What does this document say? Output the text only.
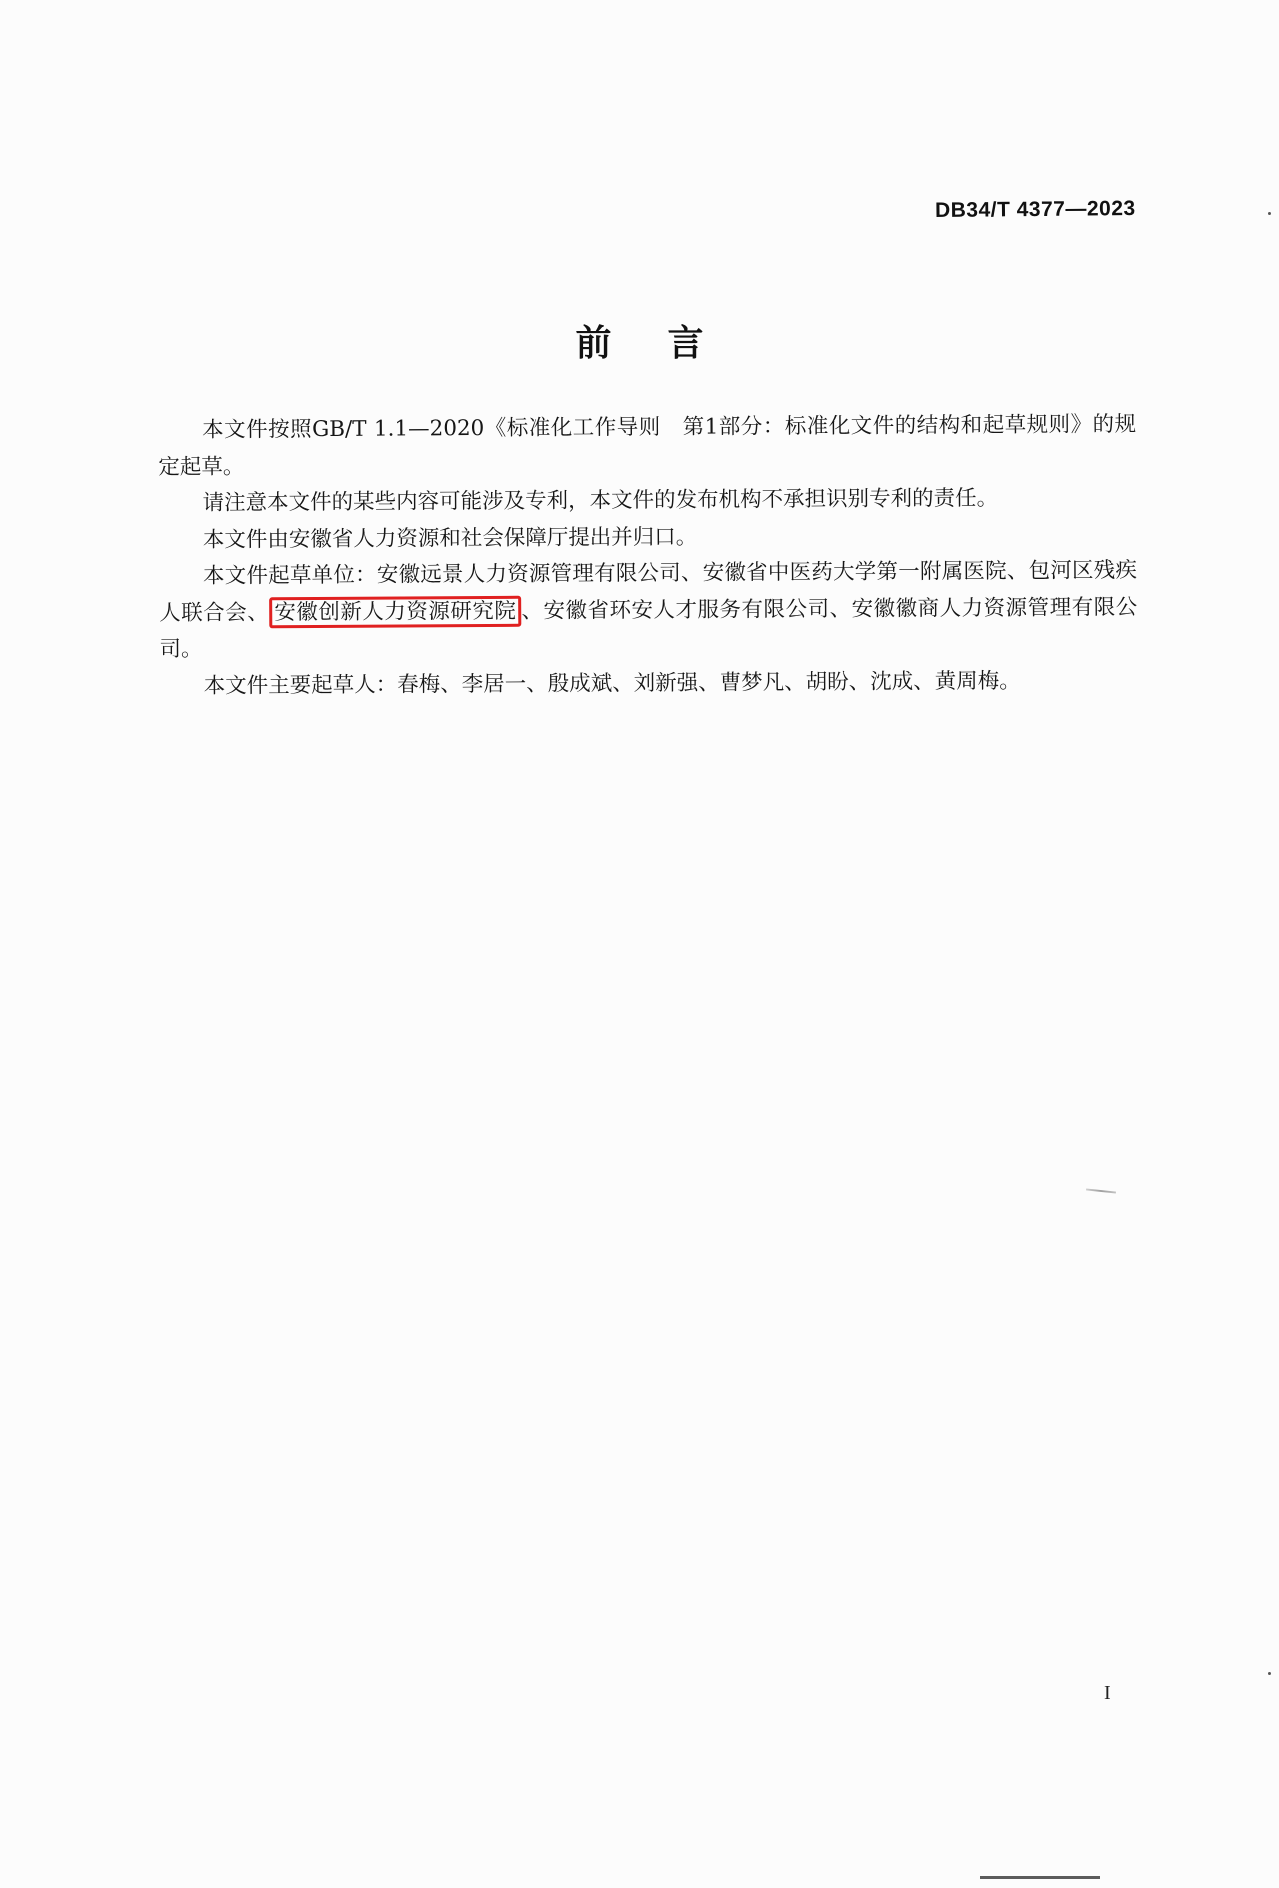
DB34/T 4377—2023
前言

本文件按照GB/T 1.1—2020《标准化工作导则　第1部分：标准化文件的结构和起草规则》的规定起草。

请注意本文件的某些内容可能涉及专利，本文件的发布机构不承担识别专利的责任。

本文件由安徽省人力资源和社会保障厅提出并归口。

本文件起草单位：安徽远景人力资源管理有限公司、安徽省中医药大学第一附属医院、包河区残疾人联合会、 安徽创新人力资源研究院 、安徽省环安人才服务有限公司、安徽徽商人力资源管理有限公司。

本文件主要起草人：春梅、李居一、殷成斌、刘新强、曹梦凡、胡盼、沈成、黄周梅。

I
